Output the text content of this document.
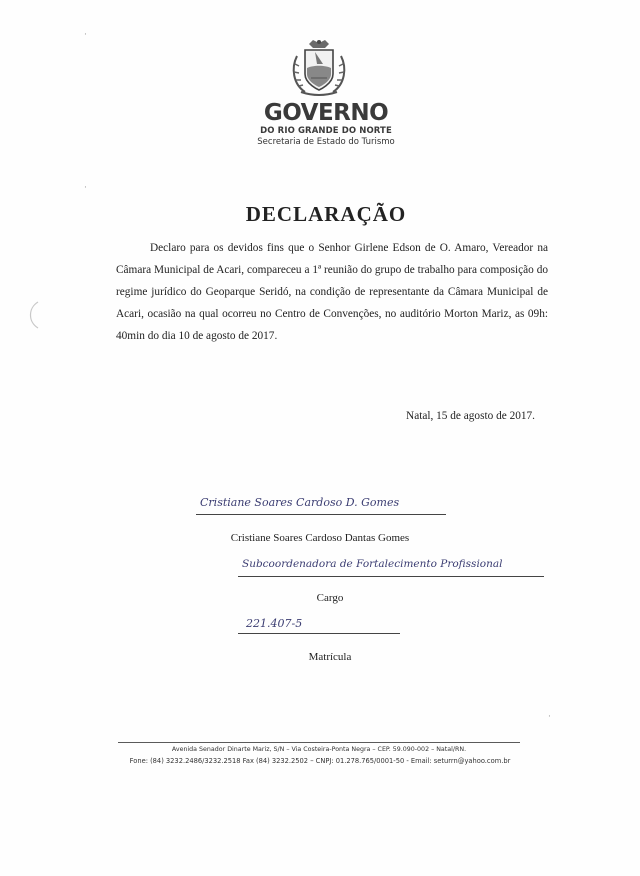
·
·
·
GOVERNO
DO RIO GRANDE DO NORTE
Secretaria de Estado do Turismo
DECLARAÇÃO
Declaro para os devidos fins que o Senhor Girlene Edson de O. Amaro, Vereador na Câmara Municipal de Acari, compareceu a 1ª reunião do grupo de trabalho para composição do regime jurídico do Geoparque Seridó, na condição de representante da Câmara Municipal de Acari, ocasião na qual ocorreu no Centro de Convenções, no auditório Morton Mariz, as 09h: 40min do dia 10 de agosto de 2017.
Natal, 15 de agosto de 2017.
Cristiane Soares Cardoso D. Gomes
Cristiane Soares Cardoso Dantas Gomes
Subcoordenadora de Fortalecimento Profissional
Cargo
221.407-5
Matrícula
Avenida Senador Dinarte Mariz, S/N – Via Costeira-Ponta Negra – CEP. 59.090-002 – Natal/RN.
Fone: (84) 3232.2486/3232.2518 Fax (84) 3232.2502 – CNPJ: 01.278.765/0001-50 - Email: seturrn@yahoo.com.br
